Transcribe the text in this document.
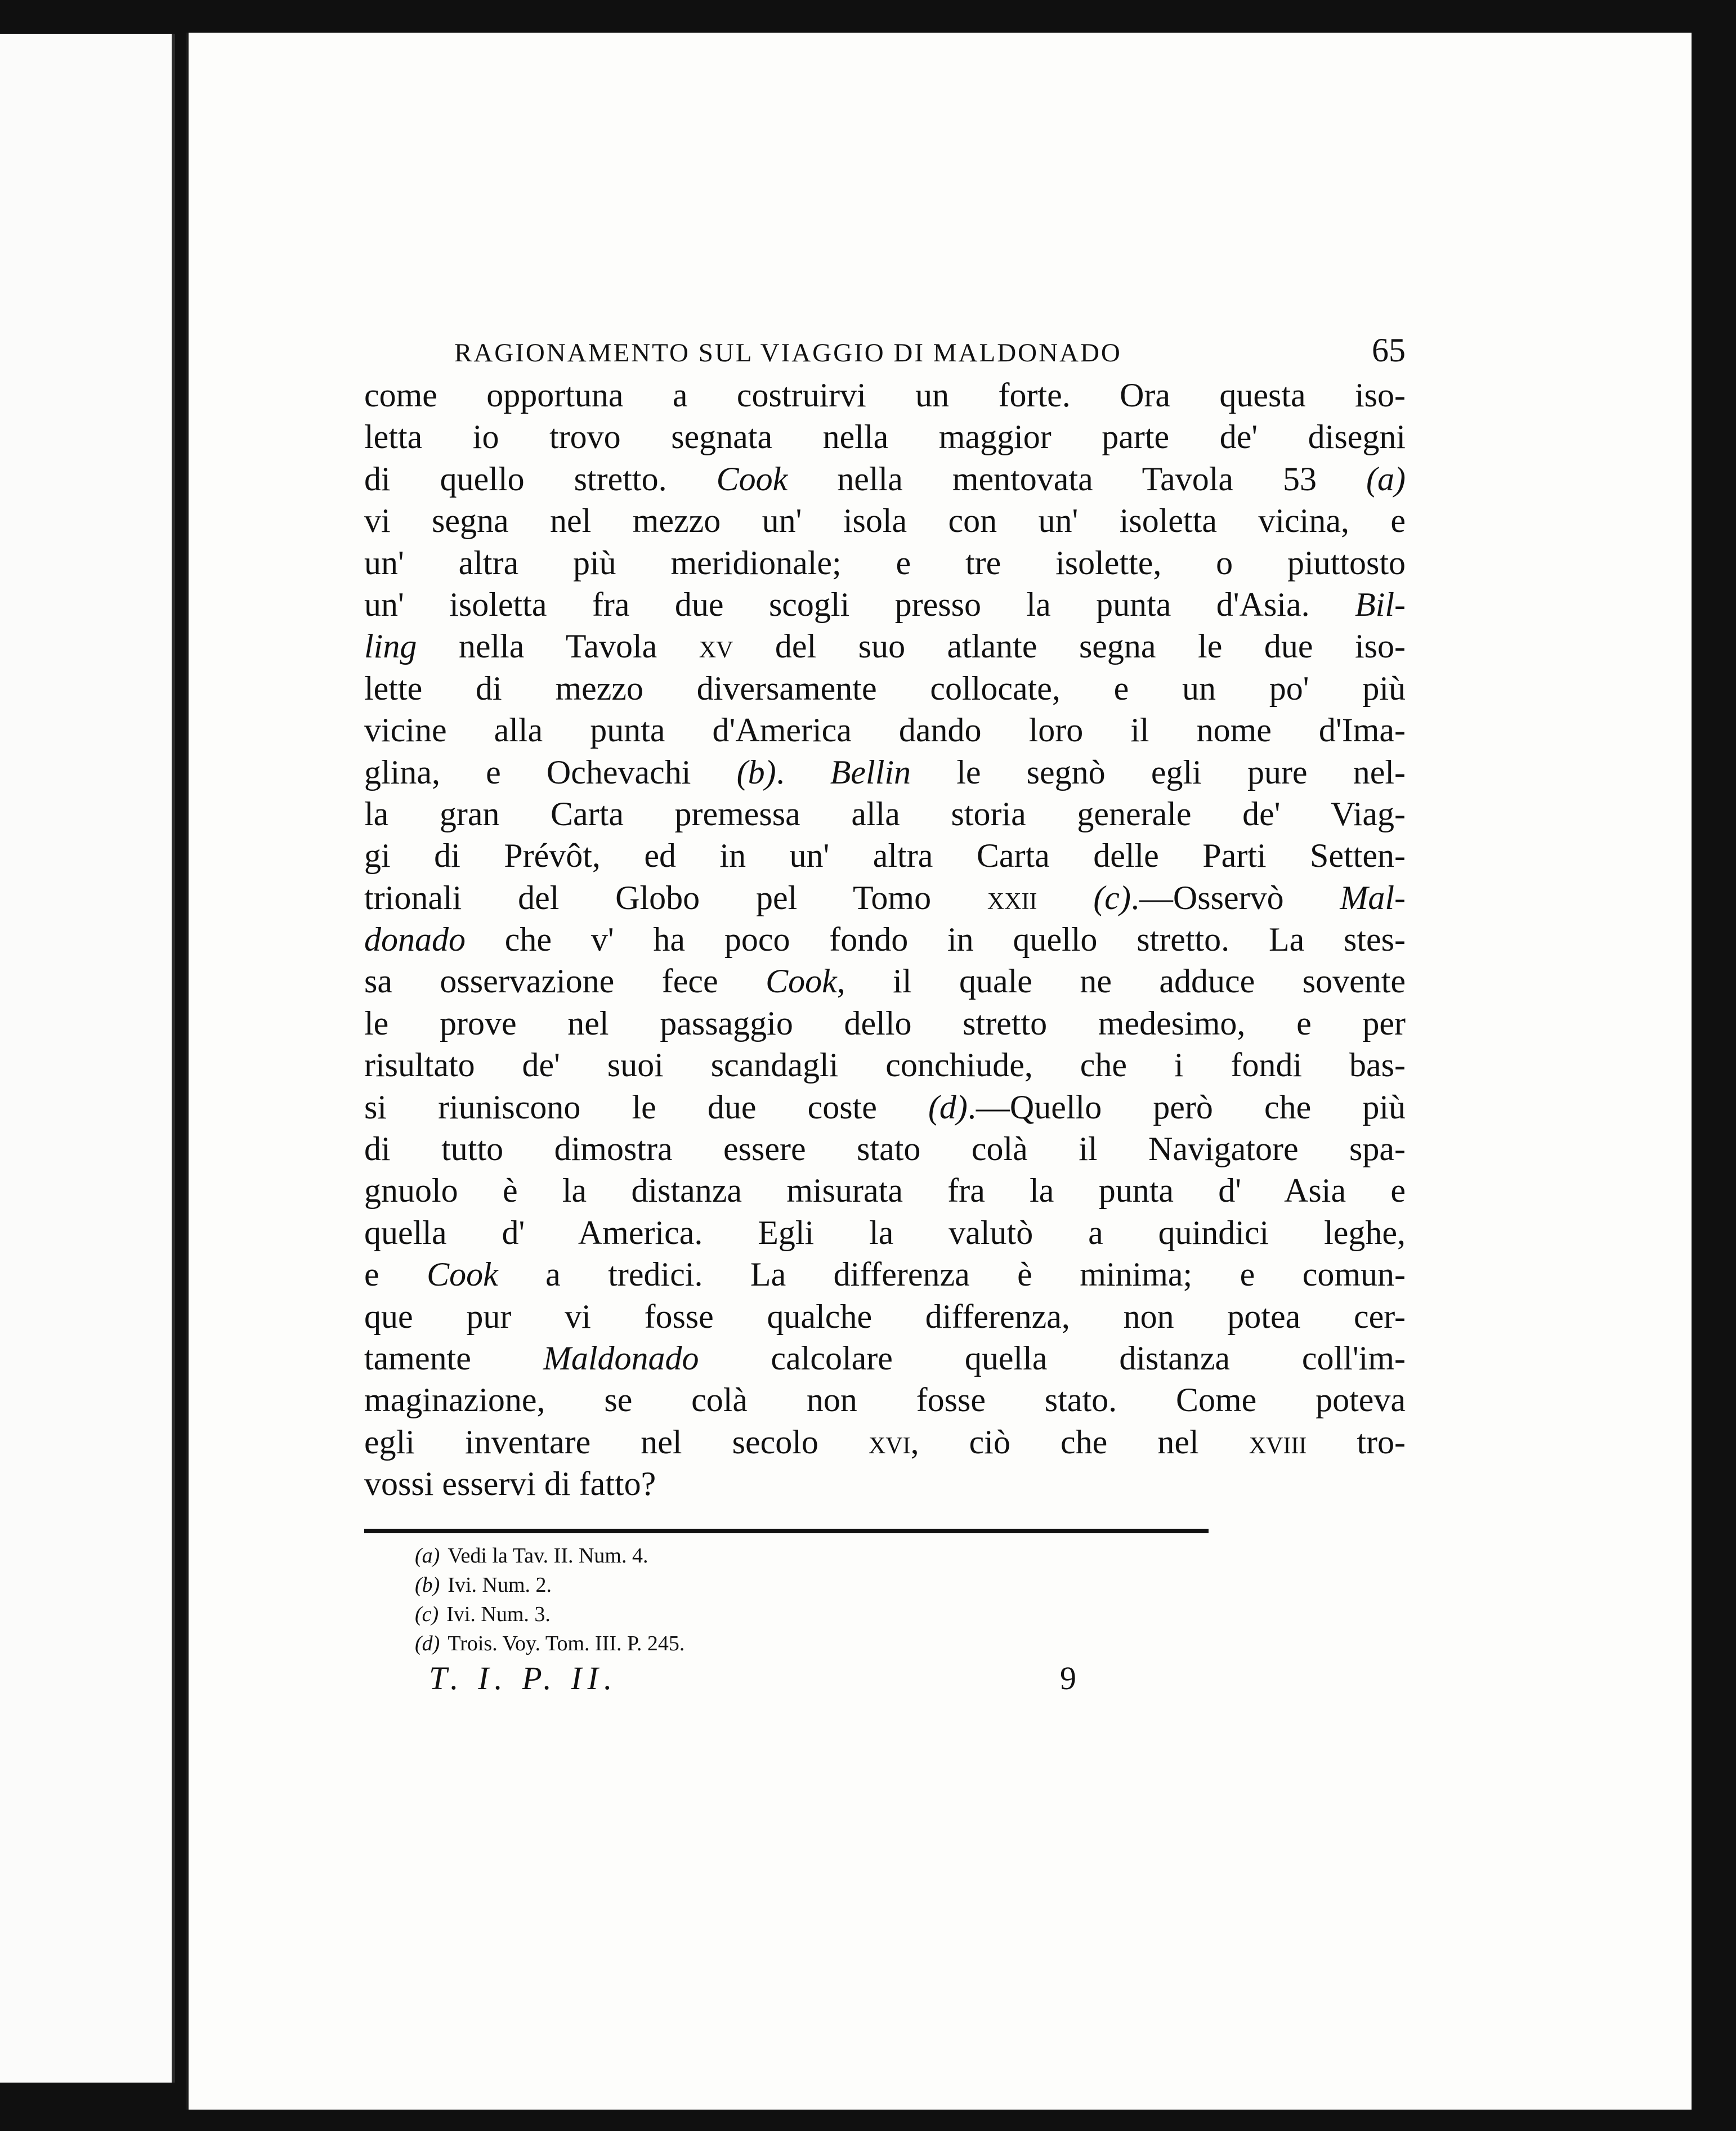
RAGIONAMENTO SUL VIAGGIO DI MALDONADO	65
come opportuna a costruirvi un forte. Ora questa iso-
letta io trovo segnata nella maggior parte de' disegni
di quello stretto. Cook nella mentovata Tavola 53 (a)
vi segna nel mezzo un' isola con un' isoletta vicina, e
un' altra più meridionale; e tre isolette, o piuttosto
un' isoletta fra due scogli presso la punta d'Asia. Bil-
ling nella Tavola xv del suo atlante segna le due iso-
lette di mezzo diversamente collocate, e un po' più
vicine alla punta d'America dando loro il nome d'Ima-
glina, e Ochevachi (b). Bellin le segnò egli pure nel-
la gran Carta premessa alla storia generale de' Viag-
gi di Prévôt, ed in un' altra Carta delle Parti Setten-
trionali del Globo pel Tomo xxii (c).—Osservò Mal-
donado che v' ha poco fondo in quello stretto. La stes-
sa osservazione fece Cook, il quale ne adduce sovente
le prove nel passaggio dello stretto medesimo, e per
risultato de' suoi scandagli conchiude, che i fondi bas-
si riuniscono le due coste (d).—Quello però che più
di tutto dimostra essere stato colà il Navigatore spa-
gnuolo è la distanza misurata fra la punta d' Asia e
quella d' America. Egli la valutò a quindici leghe,
e Cook a tredici. La differenza è minima; e comun-
que pur vi fosse qualche differenza, non potea cer-
tamente Maldonado calcolare quella distanza coll'im-
maginazione, se colà non fosse stato. Come poteva
egli inventare nel secolo xvi, ciò che nel xviii tro-
vossi esservi di fatto?
(a) Vedi la Tav. II. Num. 4.
(b) Ivi. Num. 2.
(c) Ivi. Num. 3.
(d) Trois. Voy. Tom. III. P. 245.
T. I. P. II.	9
